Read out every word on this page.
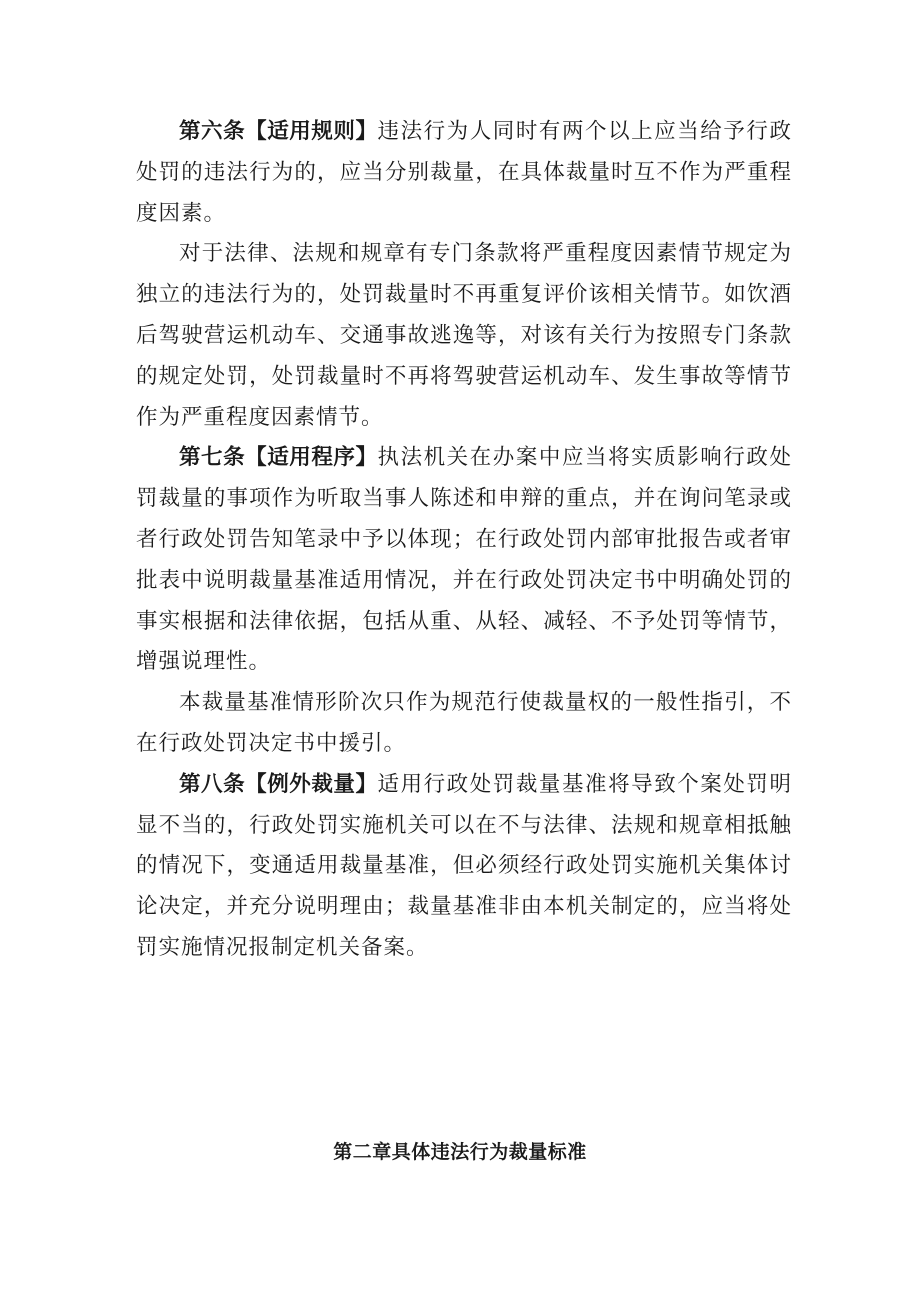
第六条【适用规则】违法行为人同时有两个以上应当给予行政处罚的违法行为的，应当分别裁量，在具体裁量时互不作为严重程度因素。

对于法律、法规和规章有专门条款将严重程度因素情节规定为独立的违法行为的，处罚裁量时不再重复评价该相关情节。如饮酒后驾驶营运机动车、交通事故逃逸等，对该有关行为按照专门条款的规定处罚，处罚裁量时不再将驾驶营运机动车、发生事故等情节作为严重程度因素情节。

第七条【适用程序】执法机关在办案中应当将实质影响行政处罚裁量的事项作为听取当事人陈述和申辩的重点，并在询问笔录或者行政处罚告知笔录中予以体现；在行政处罚内部审批报告或者审批表中说明裁量基准适用情况，并在行政处罚决定书中明确处罚的事实根据和法律依据，包括从重、从轻、减轻、不予处罚等情节，增强说理性。

本裁量基准情形阶次只作为规范行使裁量权的一般性指引，不在行政处罚决定书中援引。

第八条【例外裁量】适用行政处罚裁量基准将导致个案处罚明显不当的，行政处罚实施机关可以在不与法律、法规和规章相抵触的情况下，变通适用裁量基准，但必须经行政处罚实施机关集体讨论决定，并充分说明理由；裁量基准非由本机关制定的，应当将处罚实施情况报制定机关备案。

第二章具体违法行为裁量标准
